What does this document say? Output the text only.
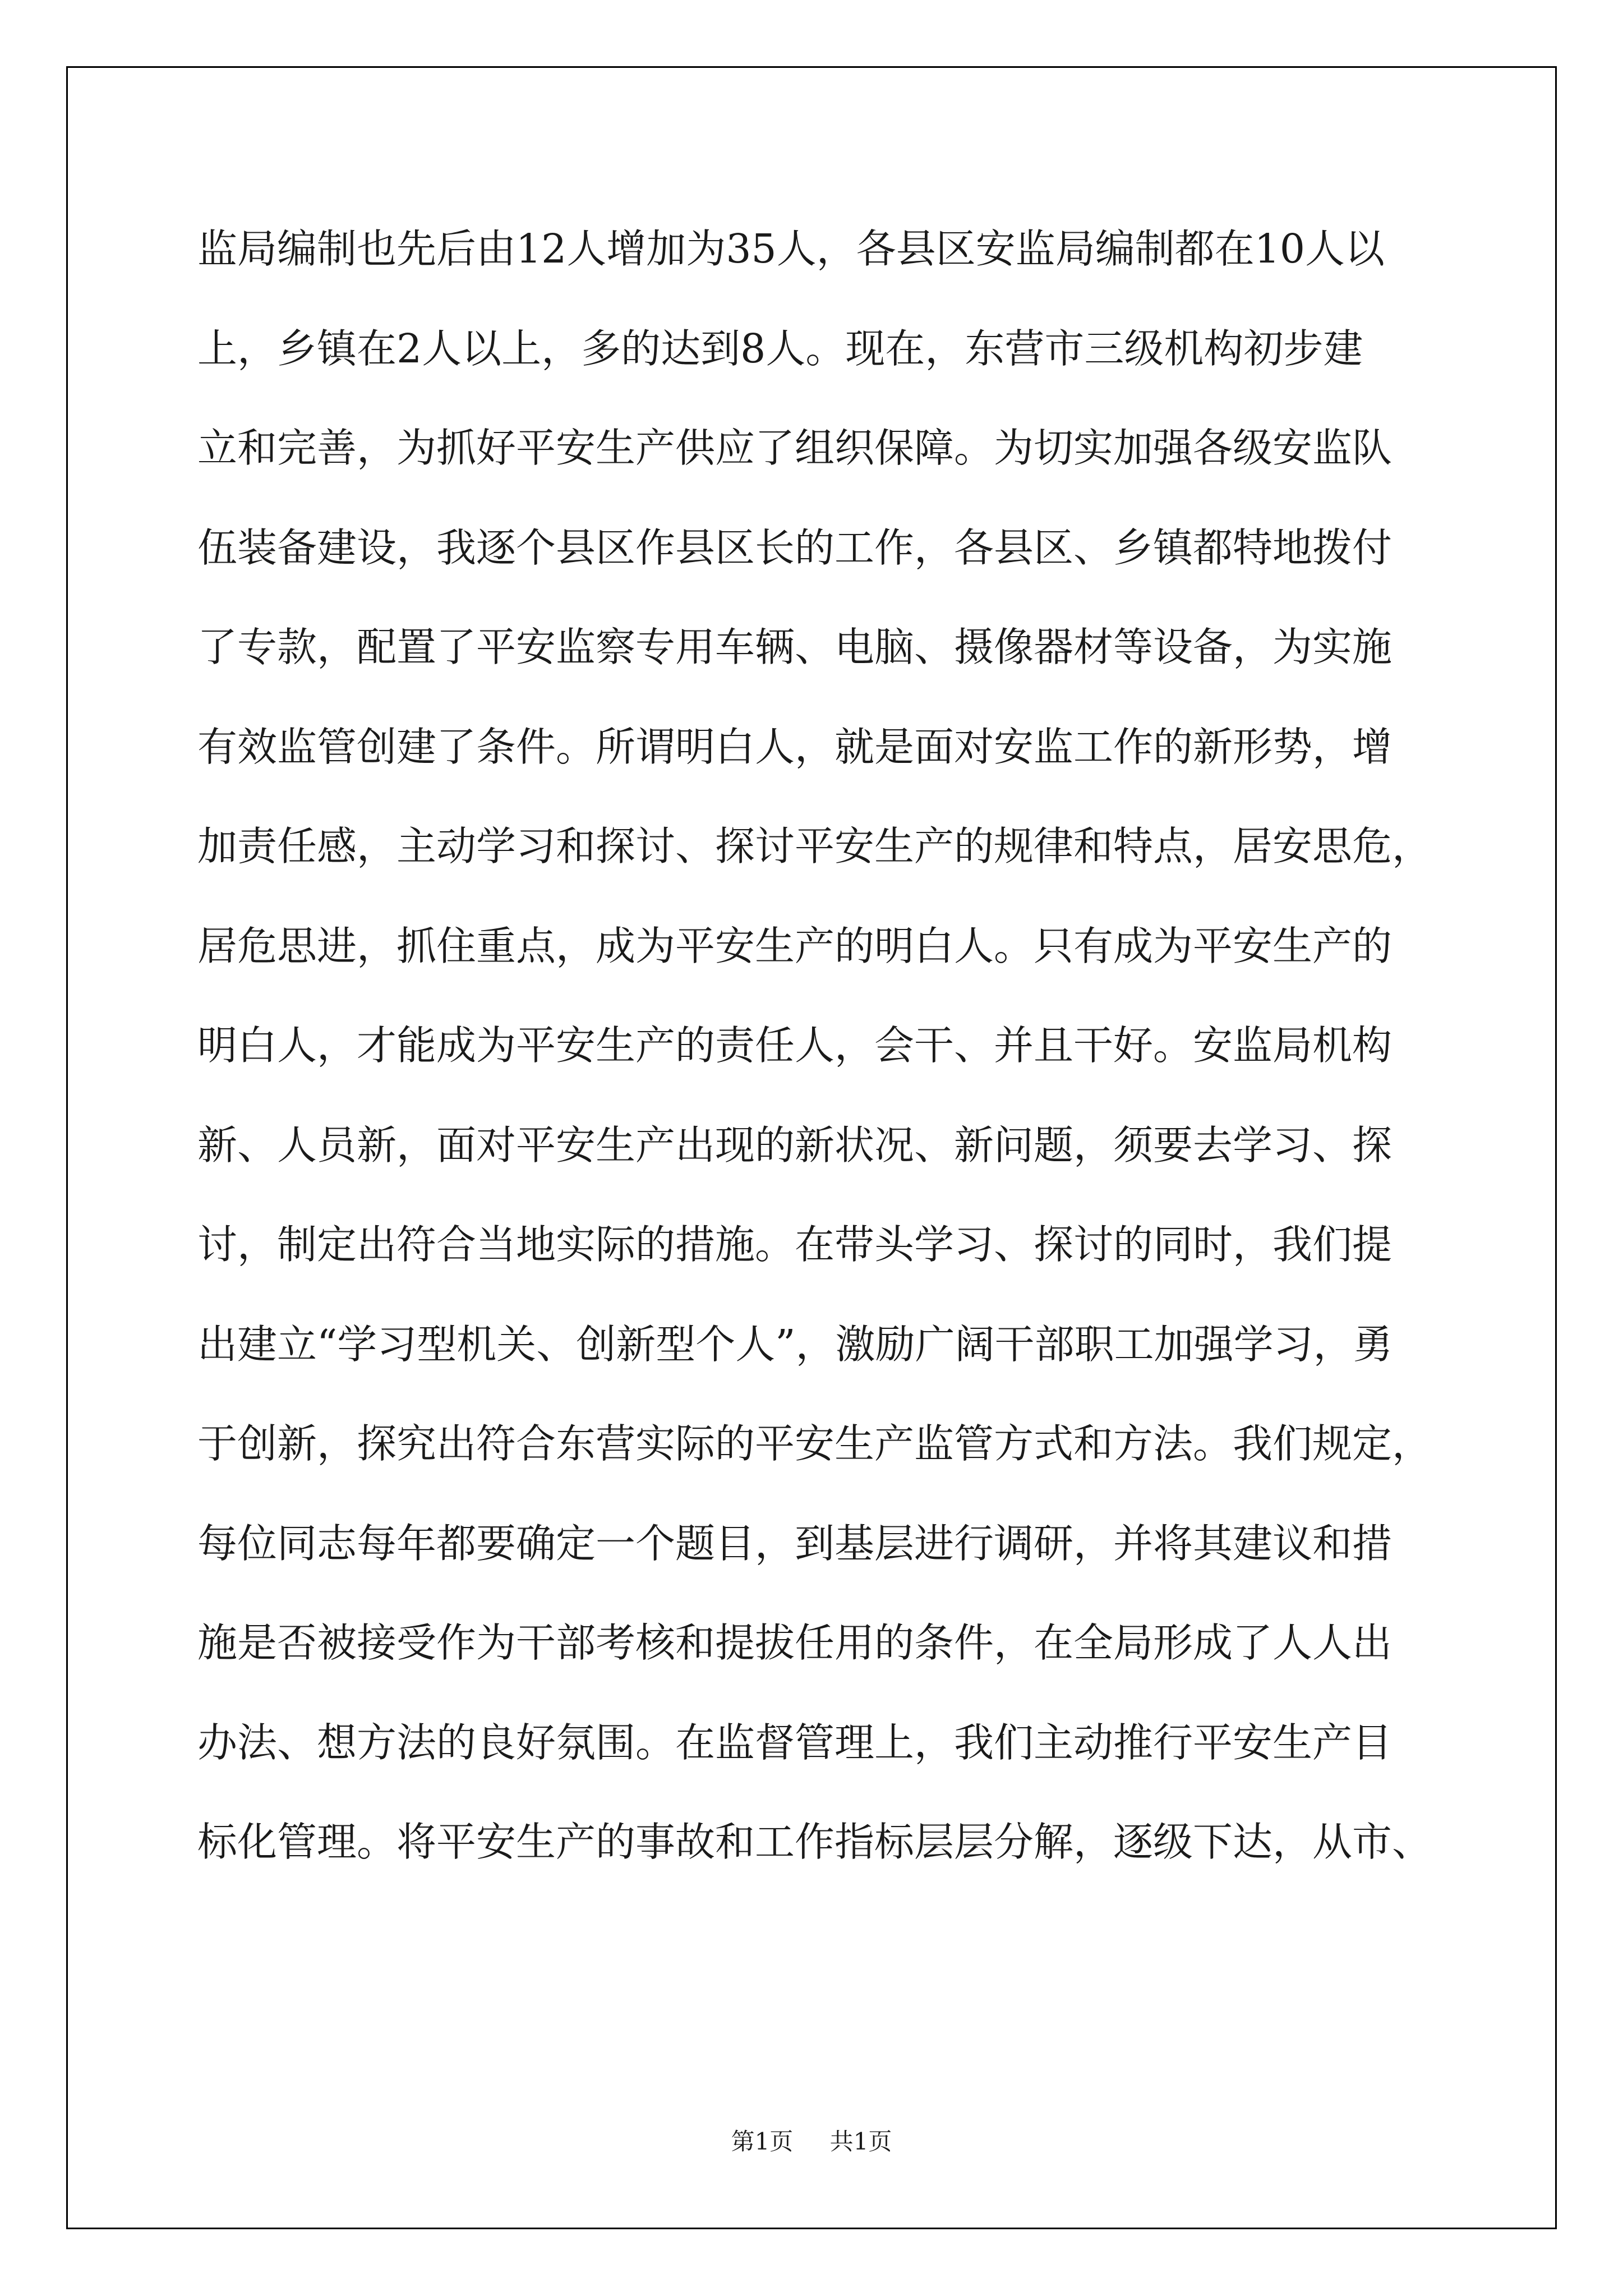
监局编制也先后由12人增加为35人，各县区安监局编制都在10人以
上，乡镇在2人以上，多的达到8人。现在，东营市三级机构初步建
立和完善，为抓好平安生产供应了组织保障。为切实加强各级安监队
伍装备建设，我逐个县区作县区长的工作，各县区、乡镇都特地拨付
了专款，配置了平安监察专用车辆、电脑、摄像器材等设备，为实施
有效监管创建了条件。所谓明白人，就是面对安监工作的新形势，增
加责任感，主动学习和探讨、探讨平安生产的规律和特点，居安思危，
居危思进，抓住重点，成为平安生产的明白人。只有成为平安生产的
明白人，才能成为平安生产的责任人，会干、并且干好。安监局机构
新、人员新，面对平安生产出现的新状况、新问题，须要去学习、探
讨，制定出符合当地实际的措施。在带头学习、探讨的同时，我们提
出建立“学习型机关、创新型个人”，激励广阔干部职工加强学习，勇
于创新，探究出符合东营实际的平安生产监管方式和方法。我们规定，
每位同志每年都要确定一个题目，到基层进行调研，并将其建议和措
施是否被接受作为干部考核和提拔任用的条件，在全局形成了人人出
办法、想方法的良好氛围。在监督管理上，我们主动推行平安生产目
标化管理。将平安生产的事故和工作指标层层分解，逐级下达，从市、
第1页 共1页
